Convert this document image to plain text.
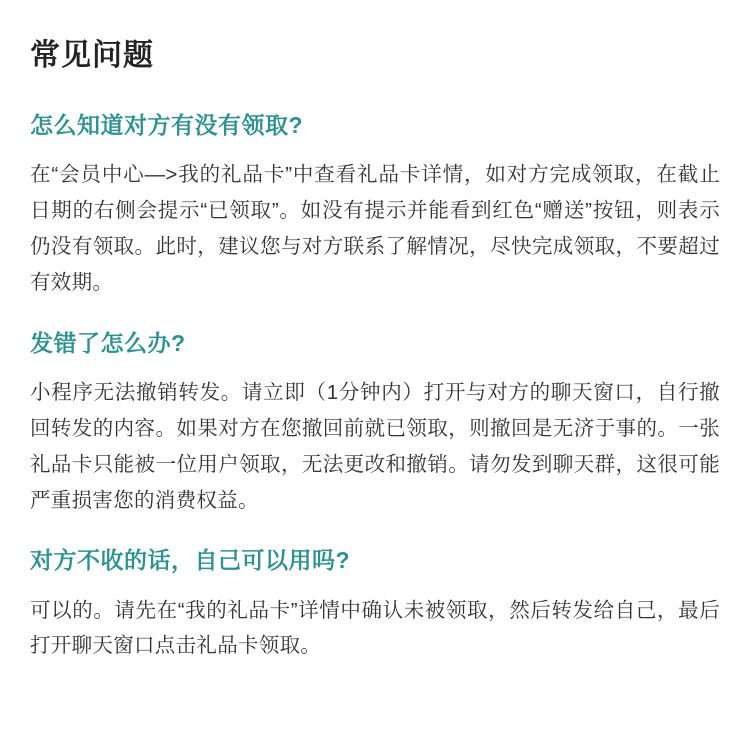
常见问题
怎么知道对方有没有领取?

在“会员中心—>我的礼品卡”中查看礼品卡详情，如对方完成领取，在截止日期的右侧会提示“已领取”。如没有提示并能看到红色“赠送”按钮，则表示仍没有领取。此时，建议您与对方联系了解情况，尽快完成领取，不要超过有效期。

发错了怎么办?

小程序无法撤销转发。请立即（1分钟内）打开与对方的聊天窗口，自行撤回转发的内容。如果对方在您撤回前就已领取，则撤回是无济于事的。一张礼品卡只能被一位用户领取，无法更改和撤销。请勿发到聊天群，这很可能严重损害您的消费权益。

对方不收的话，自己可以用吗?

可以的。请先在“我的礼品卡”详情中确认未被领取，然后转发给自己，最后打开聊天窗口点击礼品卡领取。
